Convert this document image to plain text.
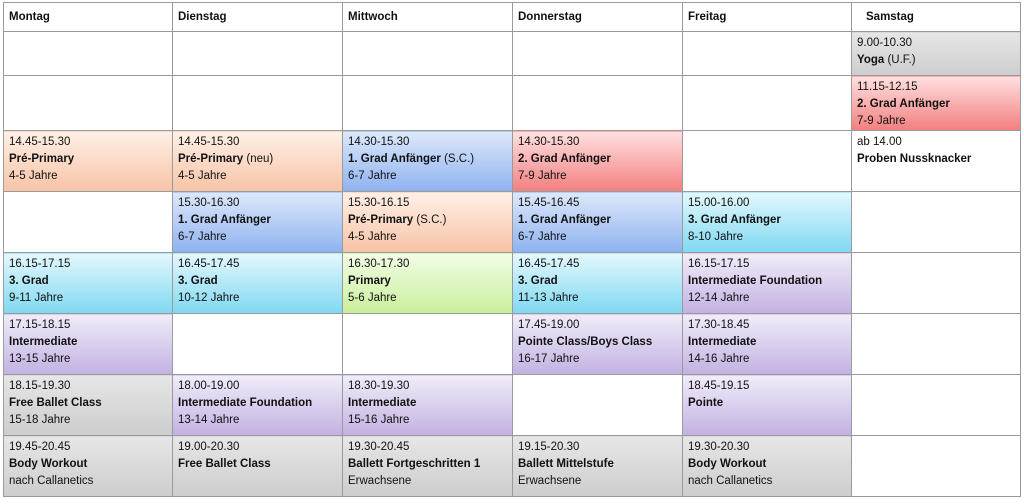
Montag	Dienstag	Mittwoch	Donnerstag	Freitag	Samstag

					9.00-10.30
Yoga (U.F.)

					11.15-12.15
2. Grad Anfänger
7-9 Jahre

14.45-15.30
Pré-Primary
4-5 Jahre	14.45-15.30
Pré-Primary (neu)
4-5 Jahre	14.30-15.30
1. Grad Anfänger (S.C.)
6-7 Jahre	14.30-15.30
2. Grad Anfänger
7-9 Jahre		ab 14.00
Proben Nussknacker

	15.30-16.30
1. Grad Anfänger
6-7 Jahre	15.30-16.15
Pré-Primary (S.C.)
4-5 Jahre	15.45-16.45
1. Grad Anfänger
6-7 Jahre	15.00-16.00
3. Grad Anfänger
8-10 Jahre	

16.15-17.15
3. Grad
9-11 Jahre	16.45-17.45
3. Grad
10-12 Jahre	16.30-17.30
Primary
5-6 Jahre	16.45-17.45
3. Grad
11-13 Jahre	16.15-17.15
Intermediate Foundation
12-14 Jahre	

17.15-18.15
Intermediate
13-15 Jahre			17.45-19.00
Pointe Class/Boys Class
16-17 Jahre	17.30-18.45
Intermediate
14-16 Jahre	

18.15-19.30
Free Ballet Class
15-18 Jahre	18.00-19.00
Intermediate Foundation
13-14 Jahre	18.30-19.30
Intermediate
15-16 Jahre		18.45-19.15
Pointe	

19.45-20.45
Body Workout
nach Callanetics	19.00-20.30
Free Ballet Class	19.30-20.45
Ballett Fortgeschritten 1
Erwachsene	19.15-20.30
Ballett Mittelstufe
Erwachsene	19.30-20.30
Body Workout
nach Callanetics	
